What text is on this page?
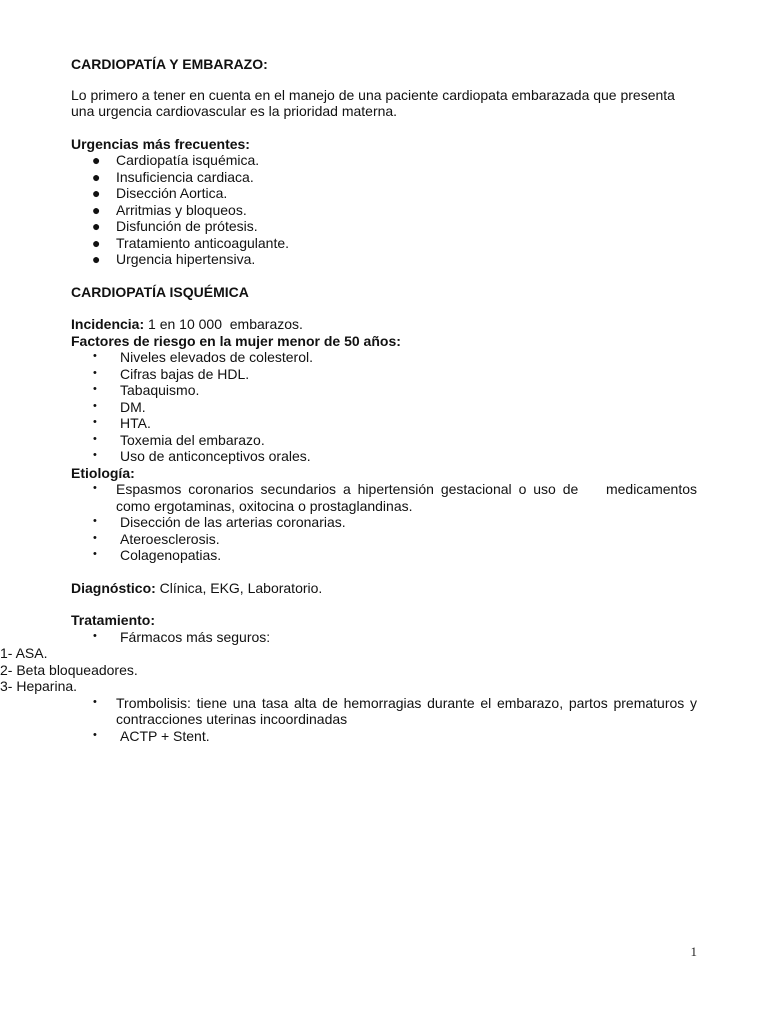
CARDIOPATÍA Y EMBARAZO:

Lo primero a tener en cuenta en el manejo de una paciente cardiopata embarazada que presenta una urgencia cardiovascular es la prioridad materna.

Urgencias más frecuentes:
●	Cardiopatía isquémica.
●	Insuficiencia cardiaca.
●	Disección Aortica.
●	Arritmias y bloqueos.
●	Disfunción de prótesis.
●	Tratamiento anticoagulante.
●	Urgencia hipertensiva.

CARDIOPATÍA ISQUÉMICA

Incidencia: 1 en 10 000  embarazos.
Factores de riesgo en la mujer menor de 50 años:
•	Niveles elevados de colesterol.
•	Cifras bajas de HDL.
•	Tabaquismo.
•	DM.
•	HTA.
•	Toxemia del embarazo.
•	Uso de anticonceptivos orales.
Etiología:
•	Espasmos coronarios secundarios a hipertensión gestacional o uso de    medicamentos como ergotaminas, oxitocina o prostaglandinas.
•	Disección de las arterias coronarias.
•	Ateroesclerosis.
•	Colagenopatias.
Diagnóstico: Clínica, EKG, Laboratorio.
Tratamiento:
•	Fármacos más seguros:
1- ASA.
2- Beta bloqueadores.
3- Heparina.
•	Trombolisis: tiene una tasa alta de hemorragias durante el embarazo, partos prematuros y contracciones uterinas incoordinadas
•	ACTP + Stent.
1
